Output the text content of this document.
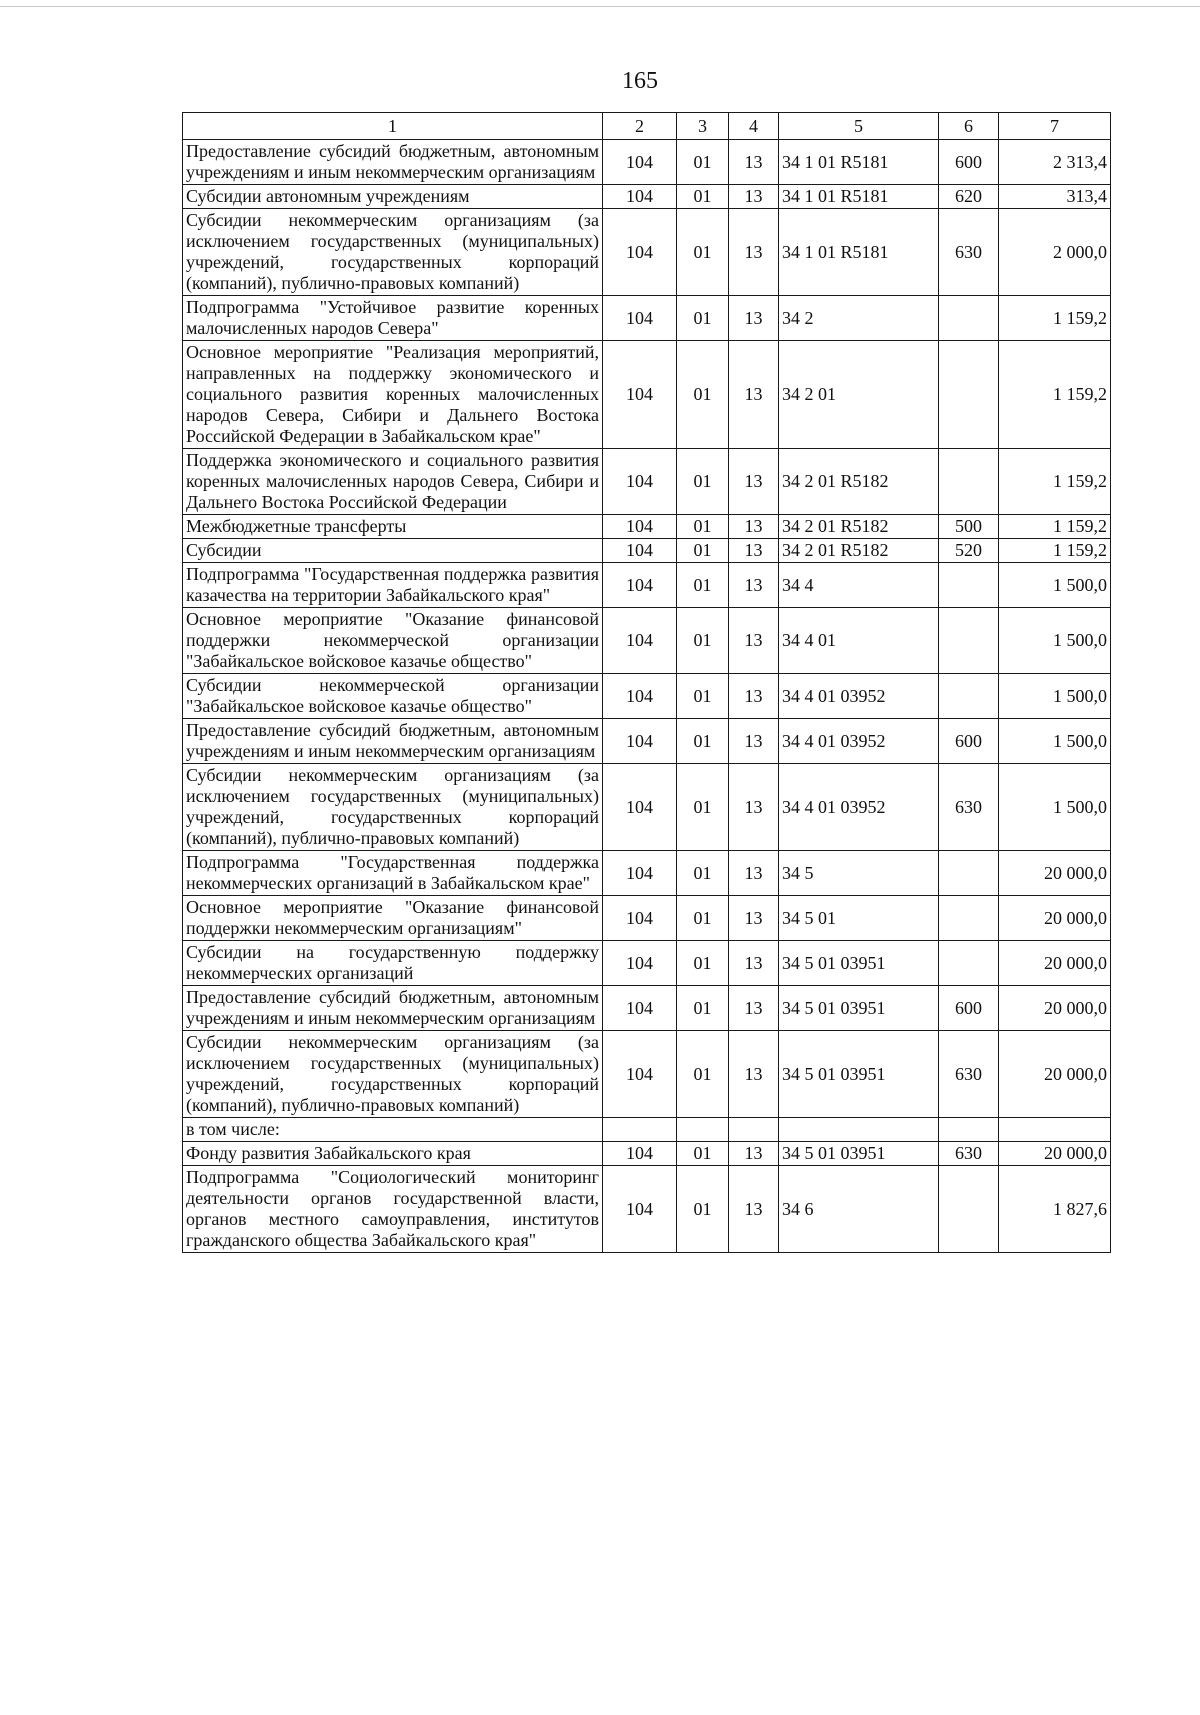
165
1	2	3	4	5	6	7
Предоставление субсидий бюджетным, автономным учреждениям и иным некоммерческим организациям	104	01	13	34 1 01 R5181	600	2 313,4
Субсидии автономным учреждениям	104	01	13	34 1 01 R5181	620	313,4
Субсидии некоммерческим организациям (за исключением государственных (муниципальных) учреждений, государственных корпораций (компаний), публично-правовых компаний)	104	01	13	34 1 01 R5181	630	2 000,0
Подпрограмма "Устойчивое развитие коренных малочисленных народов Севера"	104	01	13	34 2		1 159,2
Основное мероприятие "Реализация мероприятий, направленных на поддержку экономического и социального развития коренных малочисленных народов Севера, Сибири и Дальнего Востока Российской Федерации в Забайкальском крае"	104	01	13	34 2 01		1 159,2
Поддержка экономического и социального развития коренных малочисленных народов Севера, Сибири и Дальнего Востока Российской Федерации	104	01	13	34 2 01 R5182		1 159,2
Межбюджетные трансферты	104	01	13	34 2 01 R5182	500	1 159,2
Субсидии	104	01	13	34 2 01 R5182	520	1 159,2
Подпрограмма "Государственная поддержка развития казачества на территории Забайкальского края"	104	01	13	34 4		1 500,0
Основное мероприятие "Оказание финансовой поддержки некоммерческой организации "Забайкальское войсковое казачье общество"	104	01	13	34 4 01		1 500,0
Субсидии некоммерческой организации "Забайкальское войсковое казачье общество"	104	01	13	34 4 01 03952		1 500,0
Предоставление субсидий бюджетным, автономным учреждениям и иным некоммерческим организациям	104	01	13	34 4 01 03952	600	1 500,0
Субсидии некоммерческим организациям (за исключением государственных (муниципальных) учреждений, государственных корпораций (компаний), публично-правовых компаний)	104	01	13	34 4 01 03952	630	1 500,0
Подпрограмма "Государственная поддержка некоммерческих организаций в Забайкальском крае"	104	01	13	34 5		20 000,0
Основное мероприятие "Оказание финансовой поддержки некоммерческим организациям"	104	01	13	34 5 01		20 000,0
Субсидии на государственную поддержку некоммерческих организаций	104	01	13	34 5 01 03951		20 000,0
Предоставление субсидий бюджетным, автономным учреждениям и иным некоммерческим организациям	104	01	13	34 5 01 03951	600	20 000,0
Субсидии некоммерческим организациям (за исключением государственных (муниципальных) учреждений, государственных корпораций (компаний), публично-правовых компаний)	104	01	13	34 5 01 03951	630	20 000,0
в том числе:						
Фонду развития Забайкальского края	104	01	13	34 5 01 03951	630	20 000,0
Подпрограмма "Социологический мониторинг деятельности органов государственной власти, органов местного самоуправления, институтов гражданского общества Забайкальского края"	104	01	13	34 6		1 827,6
